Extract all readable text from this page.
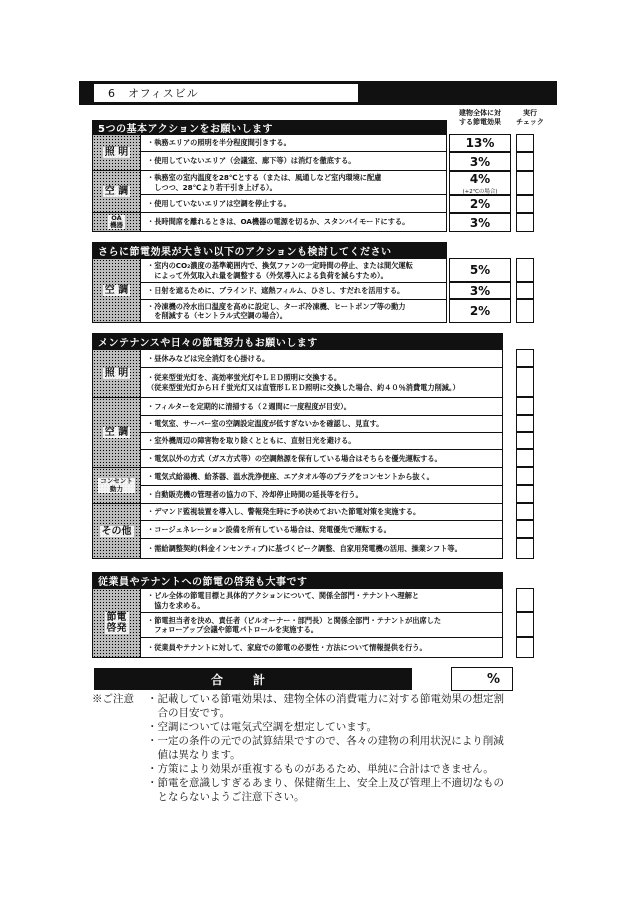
6　オフィスビル
建物全体に対
する節電効果
実行
チェック
5つの基本アクションをお願いします
照 明
空 調
OA
機器
・執務エリアの照明を半分程度間引きする。
・使用していないエリア（会議室、廊下等）は消灯を徹底する。
・執務室の室内温度を28℃とする（または、風通しなど室内環境に配慮
　しつつ、28℃より若干引き上げる）。
・使用していないエリアは空調を停止する。
・長時間席を離れるときは、OA機器の電源を切るか、スタンバイモードにする。
13%
3%
4%
(+2℃の場合)
2%
3%
さらに節電効果が大きい以下のアクションも検討してください
空 調
・室内のCO₂濃度の基準範囲内で、換気ファンの一定時間の停止、または間欠運転
　によって外気取入れ量を調整する（外気導入による負荷を減らすため）。
・日射を遮るために、ブラインド、遮熱フィルム、ひさし、すだれを活用する。
・冷凍機の冷水出口温度を高めに設定し、ターボ冷凍機、ヒートポンプ等の動力
　を削減する（セントラル式空調の場合）。
5%
3%
2%
メンテナンスや日々の節電努力もお願いします
照 明
空 調
コンセント
動力
その他
・昼休みなどは完全消灯を心掛ける。
・従来型蛍光灯を、高効率蛍光灯やＬＥＤ照明に交換する。
（従来型蛍光灯からＨｆ蛍光灯又は直管形ＬＥＤ照明に交換した場合、約４０％消費電力削減。）
・フィルターを定期的に清掃する（２週間に一度程度が目安）。
・電気室、サーバー室の空調設定温度が低すぎないかを確認し、見直す。
・室外機周辺の障害物を取り除くとともに、直射日光を避ける。
・電気以外の方式（ガス方式等）の空調熱源を保有している場合はそちらを優先運転する。
・電気式給湯機、給茶器、温水洗浄便座、エアタオル等のプラグをコンセントから抜く。
・自動販売機の管理者の協力の下、冷却停止時間の延長等を行う。
・デマンド監視装置を導入し、警報発生時に予め決めておいた節電対策を実施する。
・コージェネレーション設備を所有している場合は、発電優先で運転する。
・需給調整契約(料金インセンティブ)に基づくピーク調整、自家用発電機の活用、操業シフト等。
従業員やテナントへの節電の啓発も大事です
節電
啓発
・ビル全体の節電目標と具体的アクションについて、関係全部門・テナントへ理解と
　協力を求める。
・節電担当者を決め、責任者（ビルオーナー・部門長）と関係全部門・テナントが出席した
　フォローアップ会議や節電パトロールを実施する。
・従業員やテナントに対して、家庭での節電の必要性・方法について情報提供を行う。
合計	%
※ご注意 ・記載している節電効果は、建物全体の消費電力に対する節電効果の想定割
　合の目安です。
・空調については電気式空調を想定しています。
・一定の条件の元での試算結果ですので、各々の建物の利用状況により削減
　値は異なります。
・方策により効果が重複するものがあるため、単純に合計はできません。
・節電を意識しすぎるあまり、保健衛生上、安全上及び管理上不適切なもの
　とならないようご注意下さい。
